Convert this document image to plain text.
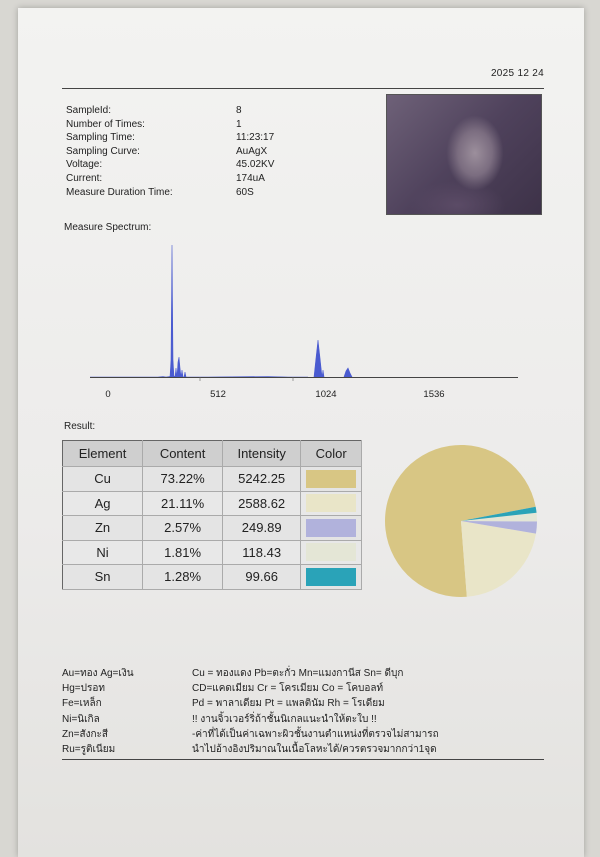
2025 12 24
SampleId:	8
Number of Times:	1
Sampling Time:	11:23:17
Sampling Curve:	AuAgX
Voltage:	45.02KV
Current:	174uA
Measure Duration Time:	60S
Measure Spectrum:
0	512	1024	1536
Result:
Element	Content	Intensity	Color
Cu	73.22%	5242.25	

Ag	21.11%	2588.62	

Zn	2.57%	249.89	

Ni	1.81%	118.43	

Sn	1.28%	99.66	
Au=ทอง Ag=เงิน	Cu = ทองแดง Pb=ตะกั่ว Mn=แมงกานีส Sn= ดีบุก
Hg=ปรอท	CD=แคดเมียม Cr = โครเมียม Co = โคบอลท์
Fe=เหล็ก	Pd = พาลาเดียม Pt = แพลตินัม Rh = โรเดียม
Ni=นิเกิล	!! งานจิ้วเวอร์ริ่ถ้าชั้นนิเกลแนะนำให้ตะใบ !!
Zn=สังกะสี	-ค่าที่ได้เป็นค่าเฉพาะผิวชั้นงานตำแหน่งที่ตรวจไม่สามารถ
Ru=รูติเนียม	นำไปอ้างอิงปริมาณในเนื้อโลหะได้/ควรตรวจมากกว่า1จุด
